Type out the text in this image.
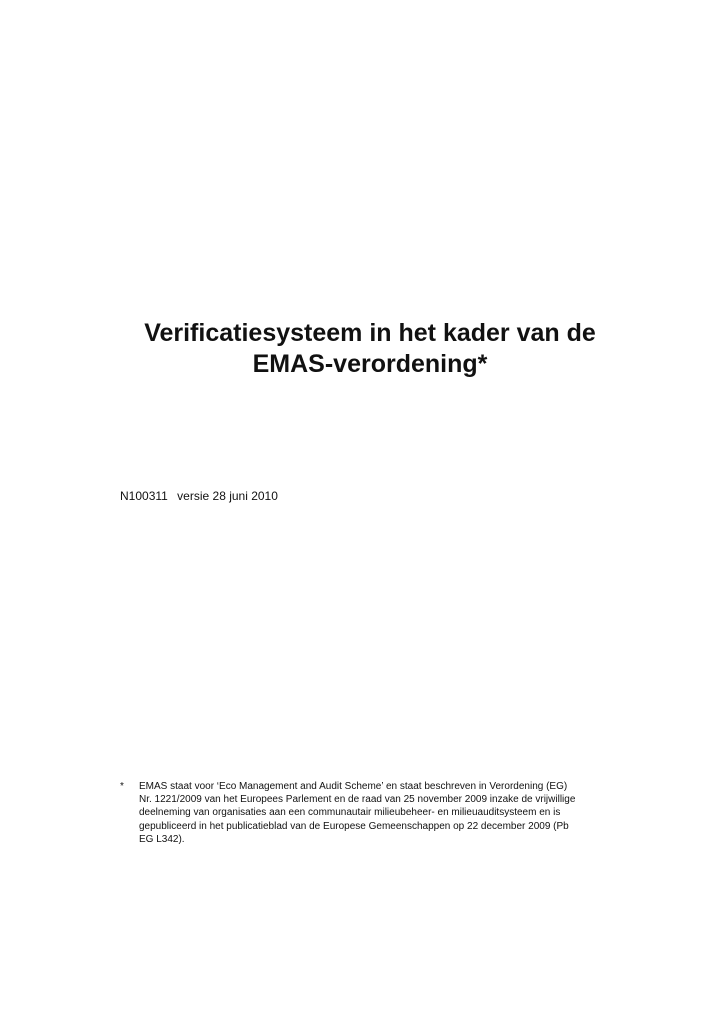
Verificatiesysteem in het kader van de
EMAS-verordening*
N100311 versie 28 juni 2010
* EMAS staat voor ‘Eco Management and Audit Scheme’ en staat beschreven in Verordening (EG)
Nr. 1221/2009 van het Europees Parlement en de raad van 25 november 2009 inzake de vrijwillige
deelneming van organisaties aan een communautair milieubeheer- en milieuauditsysteem en is
gepubliceerd in het publicatieblad van de Europese Gemeenschappen op 22 december 2009 (Pb
EG L342).
